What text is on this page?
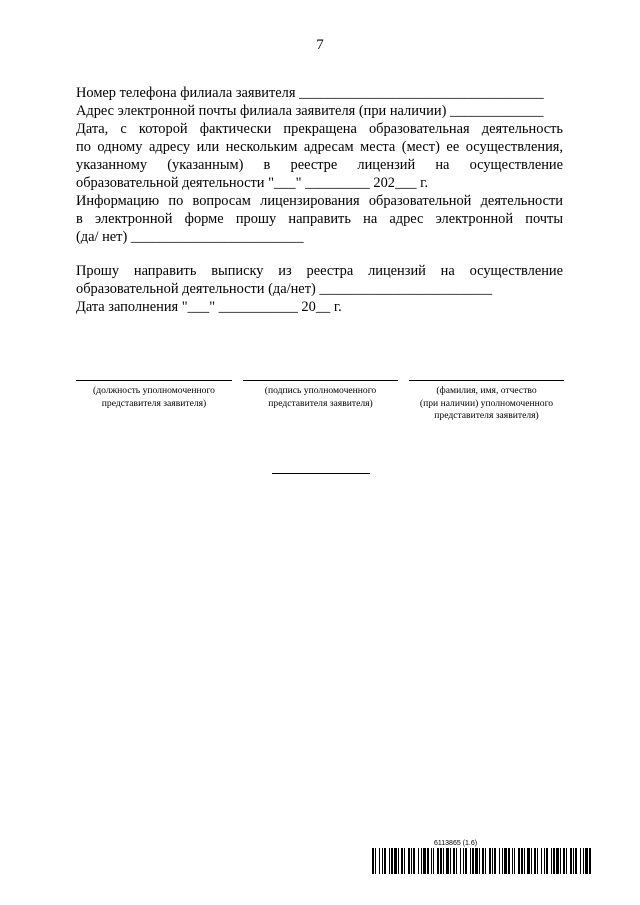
7
Номер телефона филиала заявителя __________________________________
Адрес электронной почты филиала заявителя (при наличии) _____________
Дата, с которой фактически прекращена образовательная деятельность
по одному адресу или нескольким адресам места (мест) ее осуществления,
указанному (указанным) в реестре лицензий на осуществление
образовательной деятельности "___" _________ 202___ г.
Информацию по вопросам лицензирования образовательной деятельности
в электронной форме прошу направить на адрес электронной почты
(да/ нет) ________________________
Прошу направить выписку из реестра лицензий на осуществление
образовательной деятельности (да/нет) ________________________
Дата заполнения "___" ___________ 20__ г.
(должность уполномоченного
представителя заявителя)
(подпись уполномоченного
представителя заявителя)
(фамилия, имя, отчество
(при наличии) уполномоченного
представителя заявителя)
6113865 (1.6)
